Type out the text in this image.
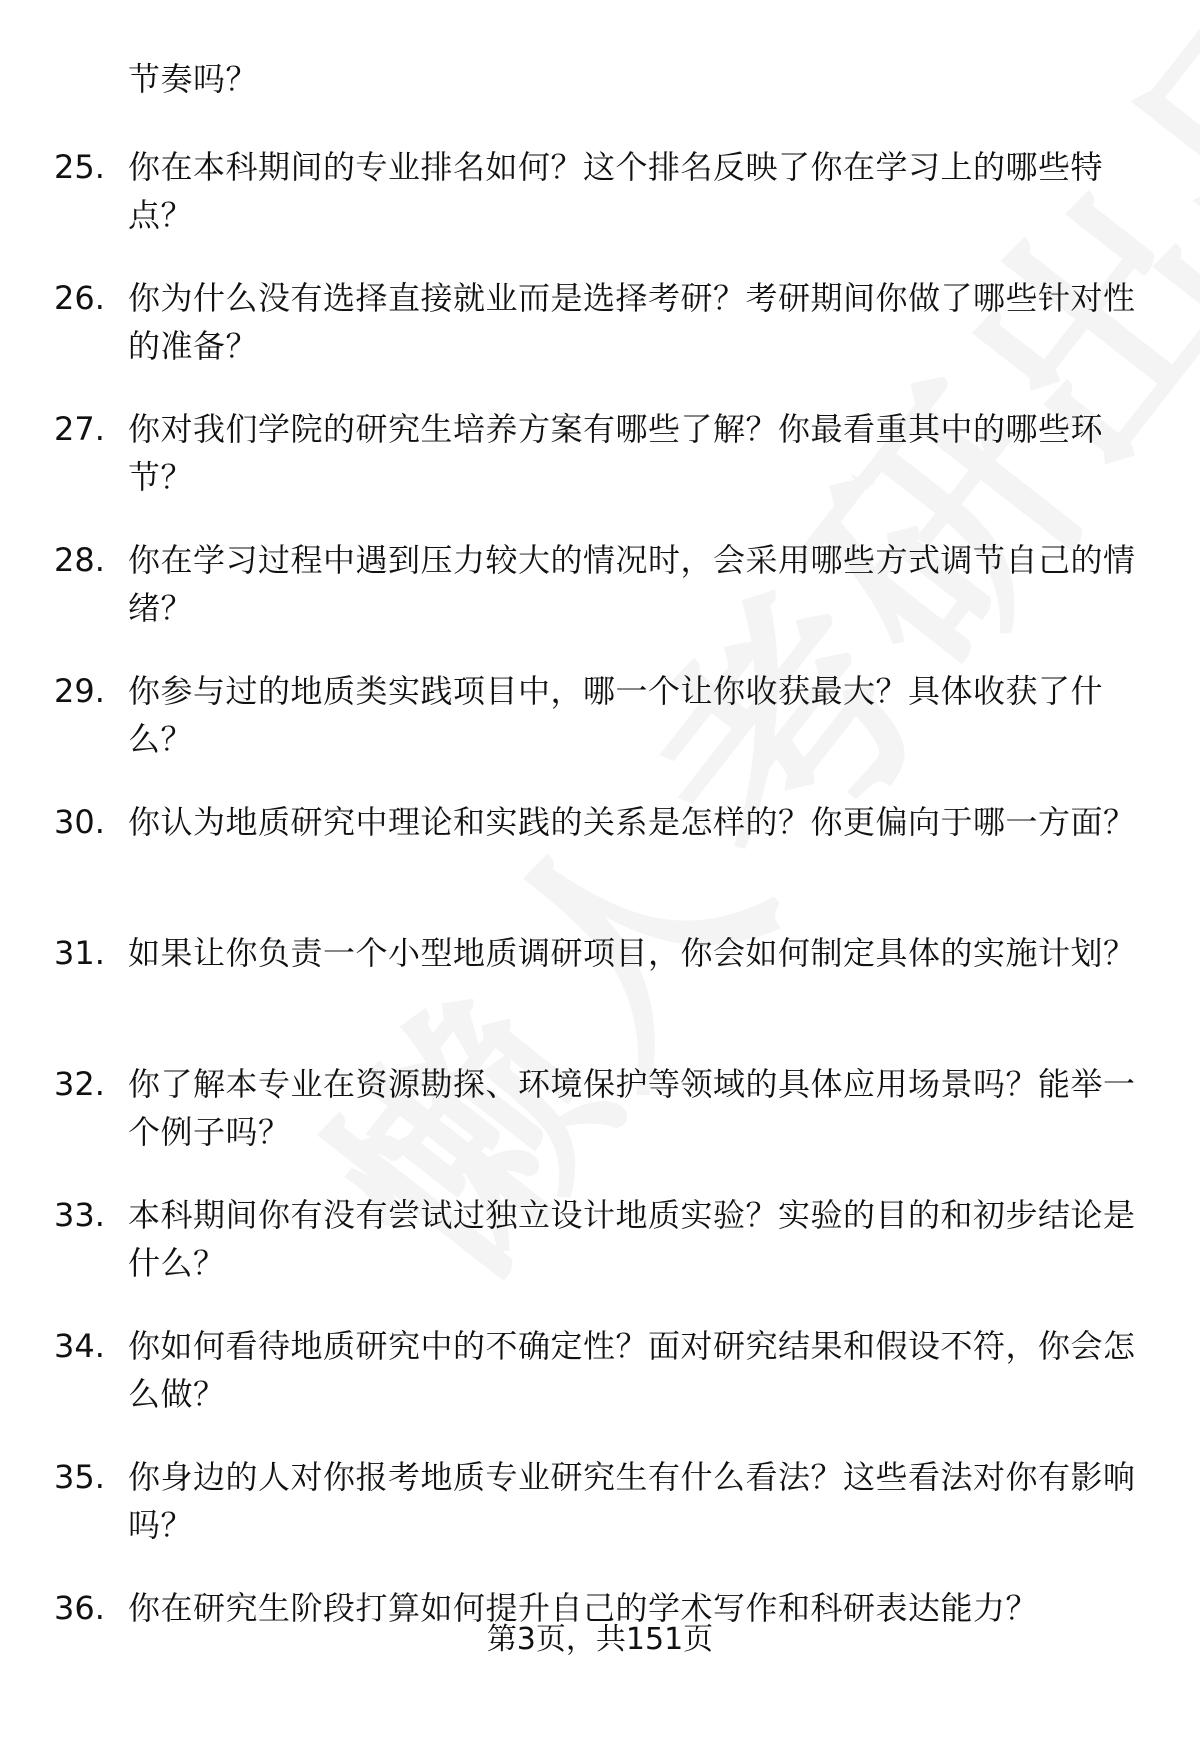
节奏吗？
25. 你在本科期间的专业排名如何？这个排名反映了你在学习上的哪些特点？
26. 你为什么没有选择直接就业而是选择考研？考研期间你做了哪些针对性的准备？
27. 你对我们学院的研究生培养方案有哪些了解？你最看重其中的哪些环节？
28. 你在学习过程中遇到压力较大的情况时，会采用哪些方式调节自己的情绪？
29. 你参与过的地质类实践项目中，哪一个让你收获最大？具体收获了什么？
30. 你认为地质研究中理论和实践的关系是怎样的？你更偏向于哪一方面？
31. 如果让你负责一个小型地质调研项目，你会如何制定具体的实施计划？
32. 你了解本专业在资源勘探、环境保护等领域的具体应用场景吗？能举一个例子吗？
33. 本科期间你有没有尝试过独立设计地质实验？实验的目的和初步结论是什么？
34. 你如何看待地质研究中的不确定性？面对研究结果和假设不符，你会怎么做？
35. 你身边的人对你报考地质专业研究生有什么看法？这些看法对你有影响吗？
36. 你在研究生阶段打算如何提升自己的学术写作和科研表达能力？
第3页，共151页
